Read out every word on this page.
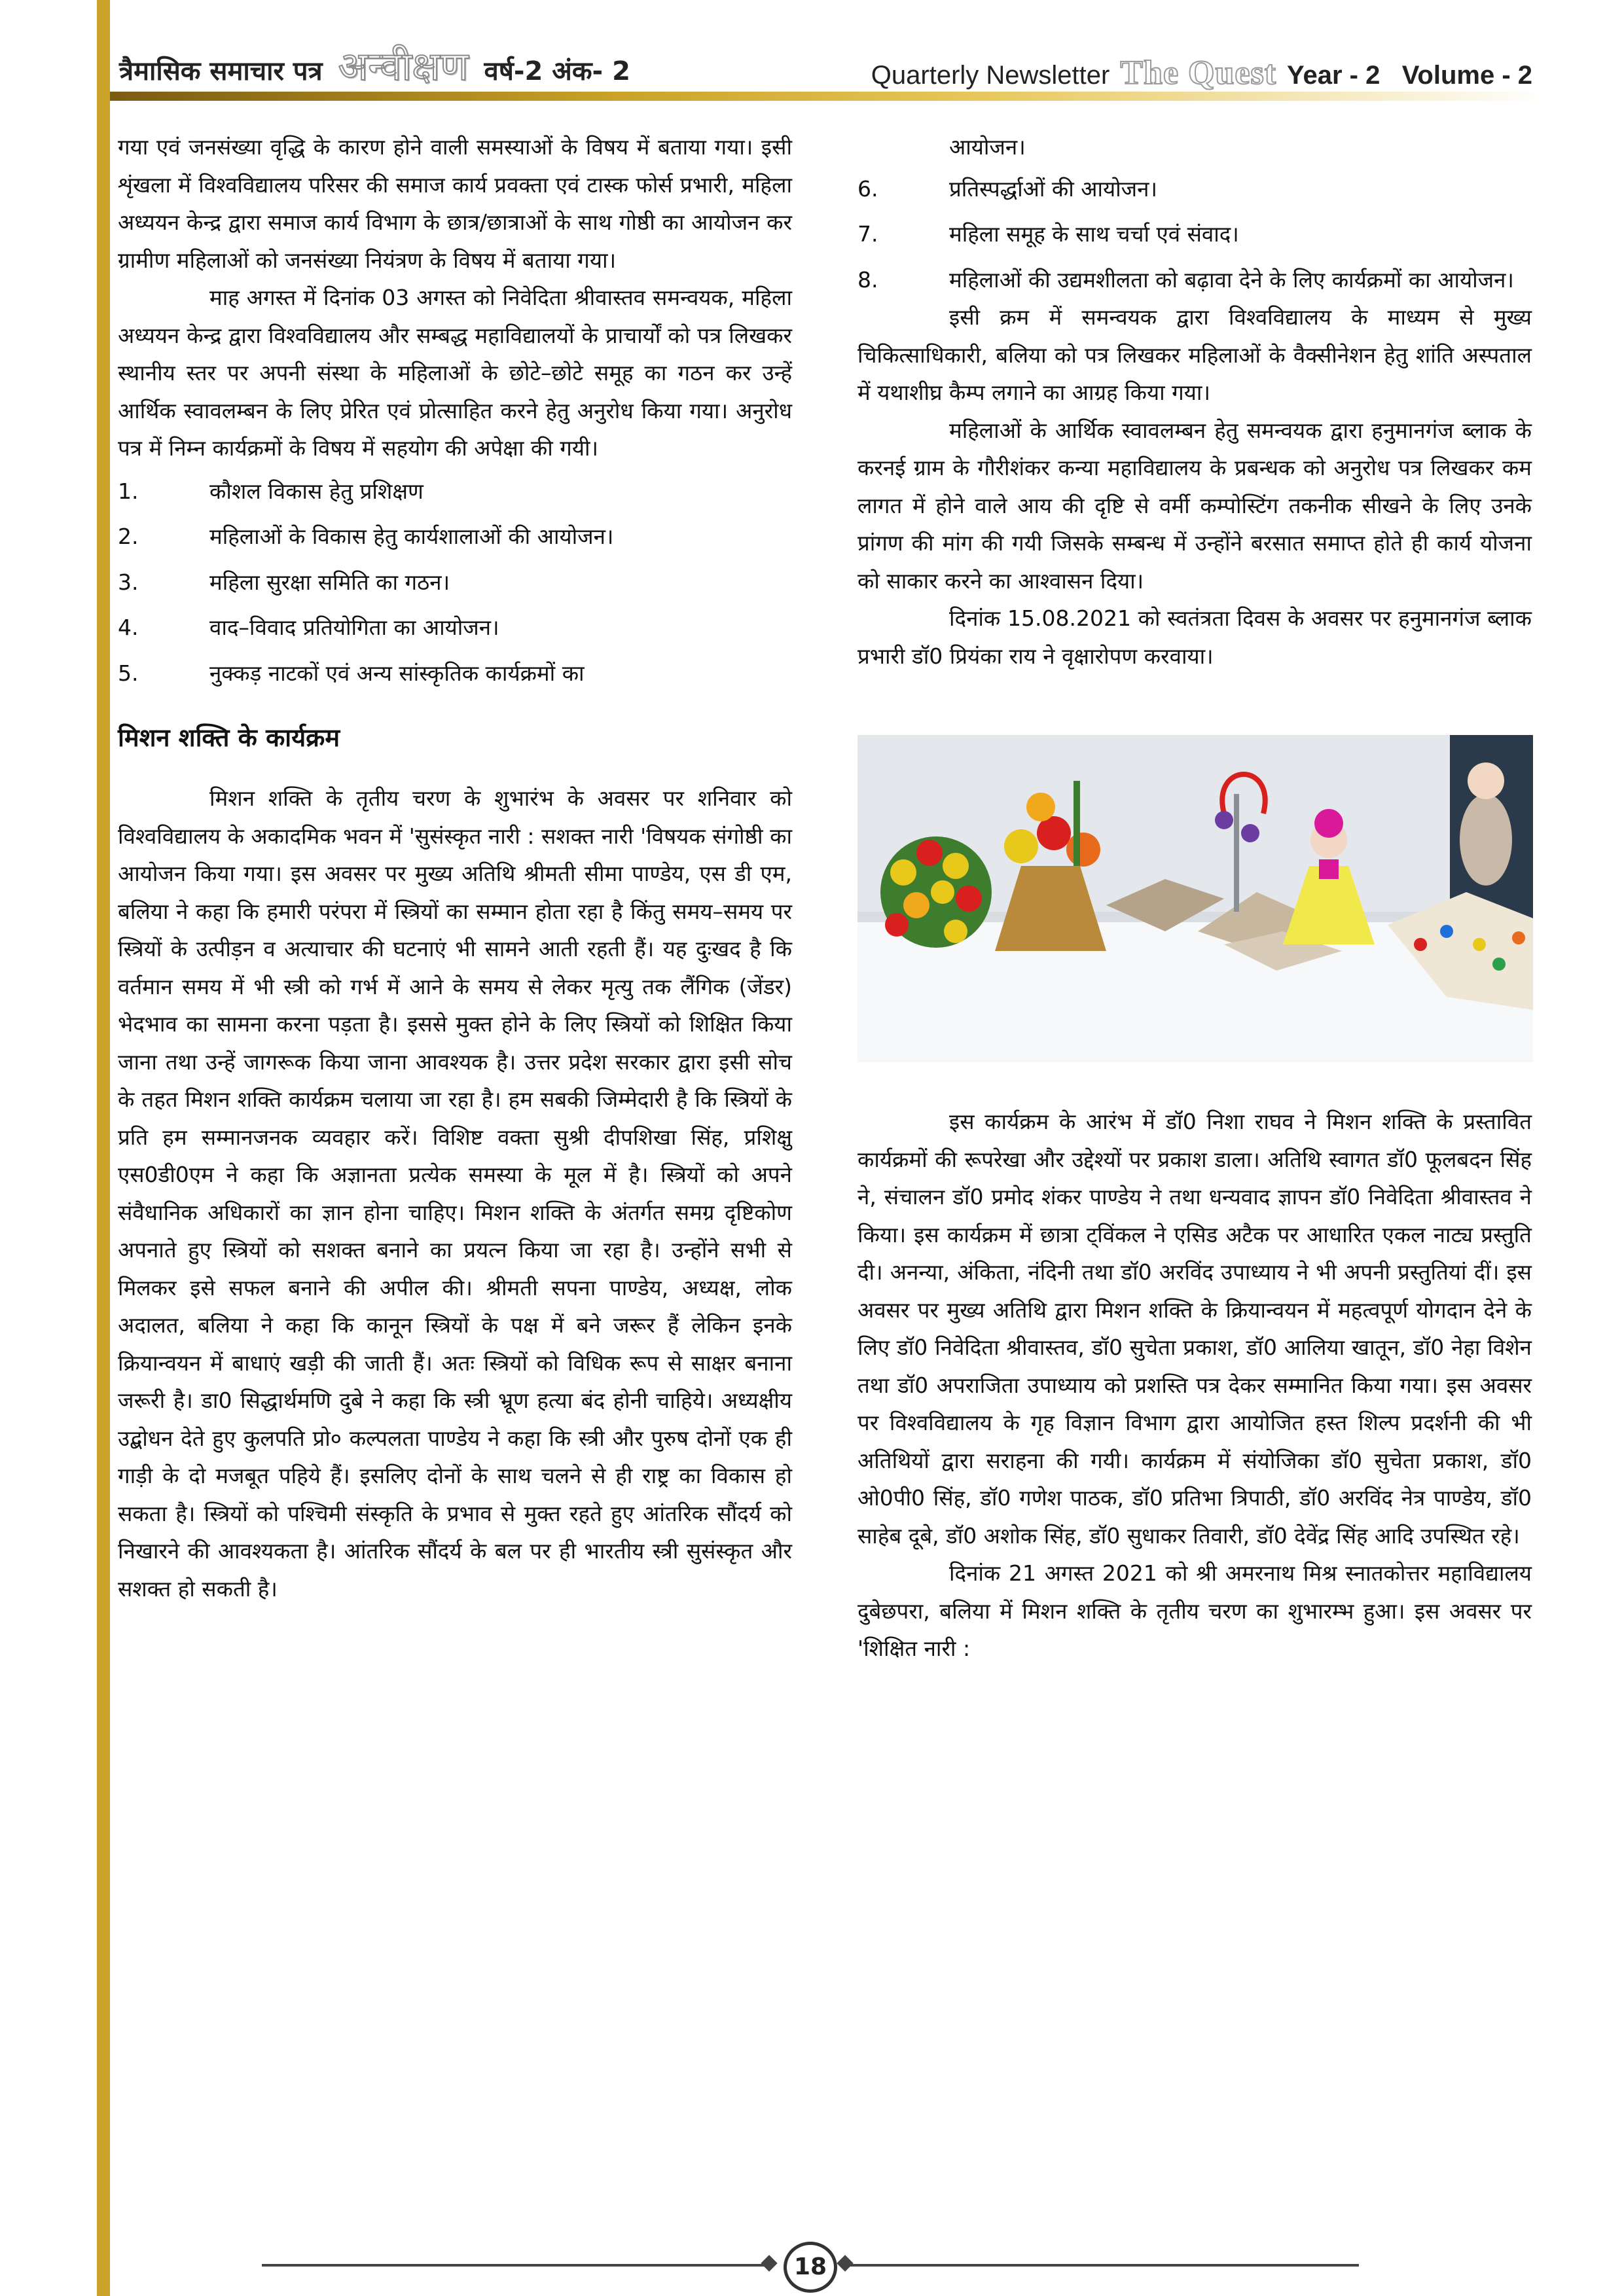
त्रैमासिक समाचार पत्र अन्वीक्षण वर्ष-2 अंक- 2	Quarterly Newsletter The Quest Year - 2 Volume - 2

गया एवं जनसंख्या वृद्धि के कारण होने वाली समस्याओं के विषय में बताया गया। इसी शृंखला में विश्वविद्यालय परिसर की समाज कार्य प्रवक्ता एवं टास्क फोर्स प्रभारी, महिला अध्ययन केन्द्र द्वारा समाज कार्य विभाग के छात्र/छात्राओं के साथ गोष्ठी का आयोजन कर ग्रामीण महिलाओं को जनसंख्या नियंत्रण के विषय में बताया गया।

माह अगस्त में दिनांक 03 अगस्त को निवेदिता श्रीवास्तव समन्वयक, महिला अध्ययन केन्द्र द्वारा विश्वविद्यालय और सम्बद्ध महाविद्यालयों के प्राचार्यों को पत्र लिखकर स्थानीय स्तर पर अपनी संस्था के महिलाओं के छोटे–छोटे समूह का गठन कर उन्हें आर्थिक स्वावलम्बन के लिए प्रेरित एवं प्रोत्साहित करने हेतु अनुरोध किया गया। अनुरोध पत्र में निम्न कार्यक्रमों के विषय में सहयोग की अपेक्षा की गयी।

1.	कौशल विकास हेतु प्रशिक्षण
2.	महिलाओं के विकास हेतु कार्यशालाओं की आयोजन।
3.	महिला सुरक्षा समिति का गठन।
4.	वाद–विवाद प्रतियोगिता का आयोजन।
5.	नुक्कड़ नाटकों एवं अन्य सांस्कृतिक कार्यक्रमों का
मिशन शक्ति के कार्यक्रम

मिशन शक्ति के तृतीय चरण के शुभारंभ के अवसर पर शनिवार को विश्वविद्यालय के अकादमिक भवन में 'सुसंस्कृत नारी : सशक्त नारी 'विषयक संगोष्ठी का आयोजन किया गया। इस अवसर पर मुख्य अतिथि श्रीमती सीमा पाण्डेय, एस डी एम, बलिया ने कहा कि हमारी परंपरा में स्त्रियों का सम्मान होता रहा है किंतु समय–समय पर स्त्रियों के उत्पीड़न व अत्याचार की घटनाएं भी सामने आती रहती हैं। यह दुःखद है कि वर्तमान समय में भी स्त्री को गर्भ में आने के समय से लेकर मृत्यु तक लैंगिक (जेंडर) भेदभाव का सामना करना पड़ता है। इससे मुक्त होने के लिए स्त्रियों को शिक्षित किया जाना तथा उन्हें जागरूक किया जाना आवश्यक है। उत्तर प्रदेश सरकार द्वारा इसी सोच के तहत मिशन शक्ति कार्यक्रम चलाया जा रहा है। हम सबकी जिम्मेदारी है कि स्त्रियों के प्रति हम सम्मानजनक व्यवहार करें। विशिष्ट वक्ता सुश्री दीपशिखा सिंह, प्रशिक्षु एस0डी0एम ने कहा कि अज्ञानता प्रत्येक समस्या के मूल में है। स्त्रियों को अपने संवैधानिक अधिकारों का ज्ञान होना चाहिए। मिशन शक्ति के अंतर्गत समग्र दृष्टिकोण अपनाते हुए स्त्रियों को सशक्त बनाने का प्रयत्न किया जा रहा है। उन्होंने सभी से मिलकर इसे सफल बनाने की अपील की। श्रीमती सपना पाण्डेय, अध्यक्ष, लोक अदालत, बलिया ने कहा कि कानून स्त्रियों के पक्ष में बने जरूर हैं लेकिन इनके क्रियान्वयन में बाधाएं खड़ी की जाती हैं। अतः स्त्रियों को विधिक रूप से साक्षर बनाना जरूरी है। डा0 सिद्धार्थमणि दुबे ने कहा कि स्त्री भ्रूण हत्या बंद होनी चाहिये। अध्यक्षीय उद्बोधन देते हुए कुलपति प्रो० कल्पलता पाण्डेय ने कहा कि स्त्री और पुरुष दोनों एक ही गाड़ी के दो मजबूत पहिये हैं। इसलिए दोनों के साथ चलने से ही राष्ट्र का विकास हो सकता है। स्त्रियों को पश्चिमी संस्कृति के प्रभाव से मुक्त रहते हुए आंतरिक सौंदर्य को निखारने की आवश्यकता है। आंतरिक सौंदर्य के बल पर ही भारतीय स्त्री सुसंस्कृत और सशक्त हो सकती है।

आयोजन।

6.	प्रतिस्पर्द्धाओं की आयोजन।
7.	महिला समूह के साथ चर्चा एवं संवाद।
8.	महिलाओं की उद्यमशीलता को बढ़ावा देने के लिए कार्यक्रमों का आयोजन।

इसी क्रम में समन्वयक द्वारा विश्वविद्यालय के माध्यम से मुख्य चिकित्साधिकारी, बलिया को पत्र लिखकर महिलाओं के वैक्सीनेशन हेतु शांति अस्पताल में यथाशीघ्र कैम्प लगाने का आग्रह किया गया।

महिलाओं के आर्थिक स्वावलम्बन हेतु समन्वयक द्वारा हनुमानगंज ब्लाक के करनई ग्राम के गौरीशंकर कन्या महाविद्यालय के प्रबन्धक को अनुरोध पत्र लिखकर कम लागत में होने वाले आय की दृष्टि से वर्मी कम्पोस्टिंग तकनीक सीखने के लिए उनके प्रांगण की मांग की गयी जिसके सम्बन्ध में उन्होंने बरसात समाप्त होते ही कार्य योजना को साकार करने का आश्वासन दिया।

दिनांक 15.08.2021 को स्वतंत्रता दिवस के अवसर पर हनुमानगंज ब्लाक प्रभारी डॉ0 प्रियंका राय ने वृक्षारोपण करवाया।

इस कार्यक्रम के आरंभ में डॉ0 निशा राघव ने मिशन शक्ति के प्रस्तावित कार्यक्रमों की रूपरेखा और उद्देश्यों पर प्रकाश डाला। अतिथि स्वागत डॉ0 फूलबदन सिंह ने, संचालन डॉ0 प्रमोद शंकर पाण्डेय ने तथा धन्यवाद ज्ञापन डॉ0 निवेदिता श्रीवास्तव ने किया। इस कार्यक्रम में छात्रा ट्विंकल ने एसिड अटैक पर आधारित एकल नाट्य प्रस्तुति दी। अनन्या, अंकिता, नंदिनी तथा डॉ0 अरविंद उपाध्याय ने भी अपनी प्रस्तुतियां दीं। इस अवसर पर मुख्य अतिथि द्वारा मिशन शक्ति के क्रियान्वयन में महत्वपूर्ण योगदान देने के लिए डॉ0 निवेदिता श्रीवास्तव, डॉ0 सुचेता प्रकाश, डॉ0 आलिया खातून, डॉ0 नेहा विशेन तथा डॉ0 अपराजिता उपाध्याय को प्रशस्ति पत्र देकर सम्मानित किया गया। इस अवसर पर विश्वविद्यालय के गृह विज्ञान विभाग द्वारा आयोजित हस्त शिल्प प्रदर्शनी की भी अतिथियों द्वारा सराहना की गयी। कार्यक्रम में संयोजिका डॉ0 सुचेता प्रकाश, डॉ0 ओ0पी0 सिंह, डॉ0 गणेश पाठक, डॉ0 प्रतिभा त्रिपाठी, डॉ0 अरविंद नेत्र पाण्डेय, डॉ0 साहेब दूबे, डॉ0 अशोक सिंह, डॉ0 सुधाकर तिवारी, डॉ0 देवेंद्र सिंह आदि उपस्थित रहे।

दिनांक 21 अगस्त 2021 को श्री अमरनाथ मिश्र स्नातकोत्तर महाविद्यालय दुबेछपरा, बलिया में मिशन शक्ति के तृतीय चरण का शुभारम्भ हुआ। इस अवसर पर 'शिक्षित नारी :

18
